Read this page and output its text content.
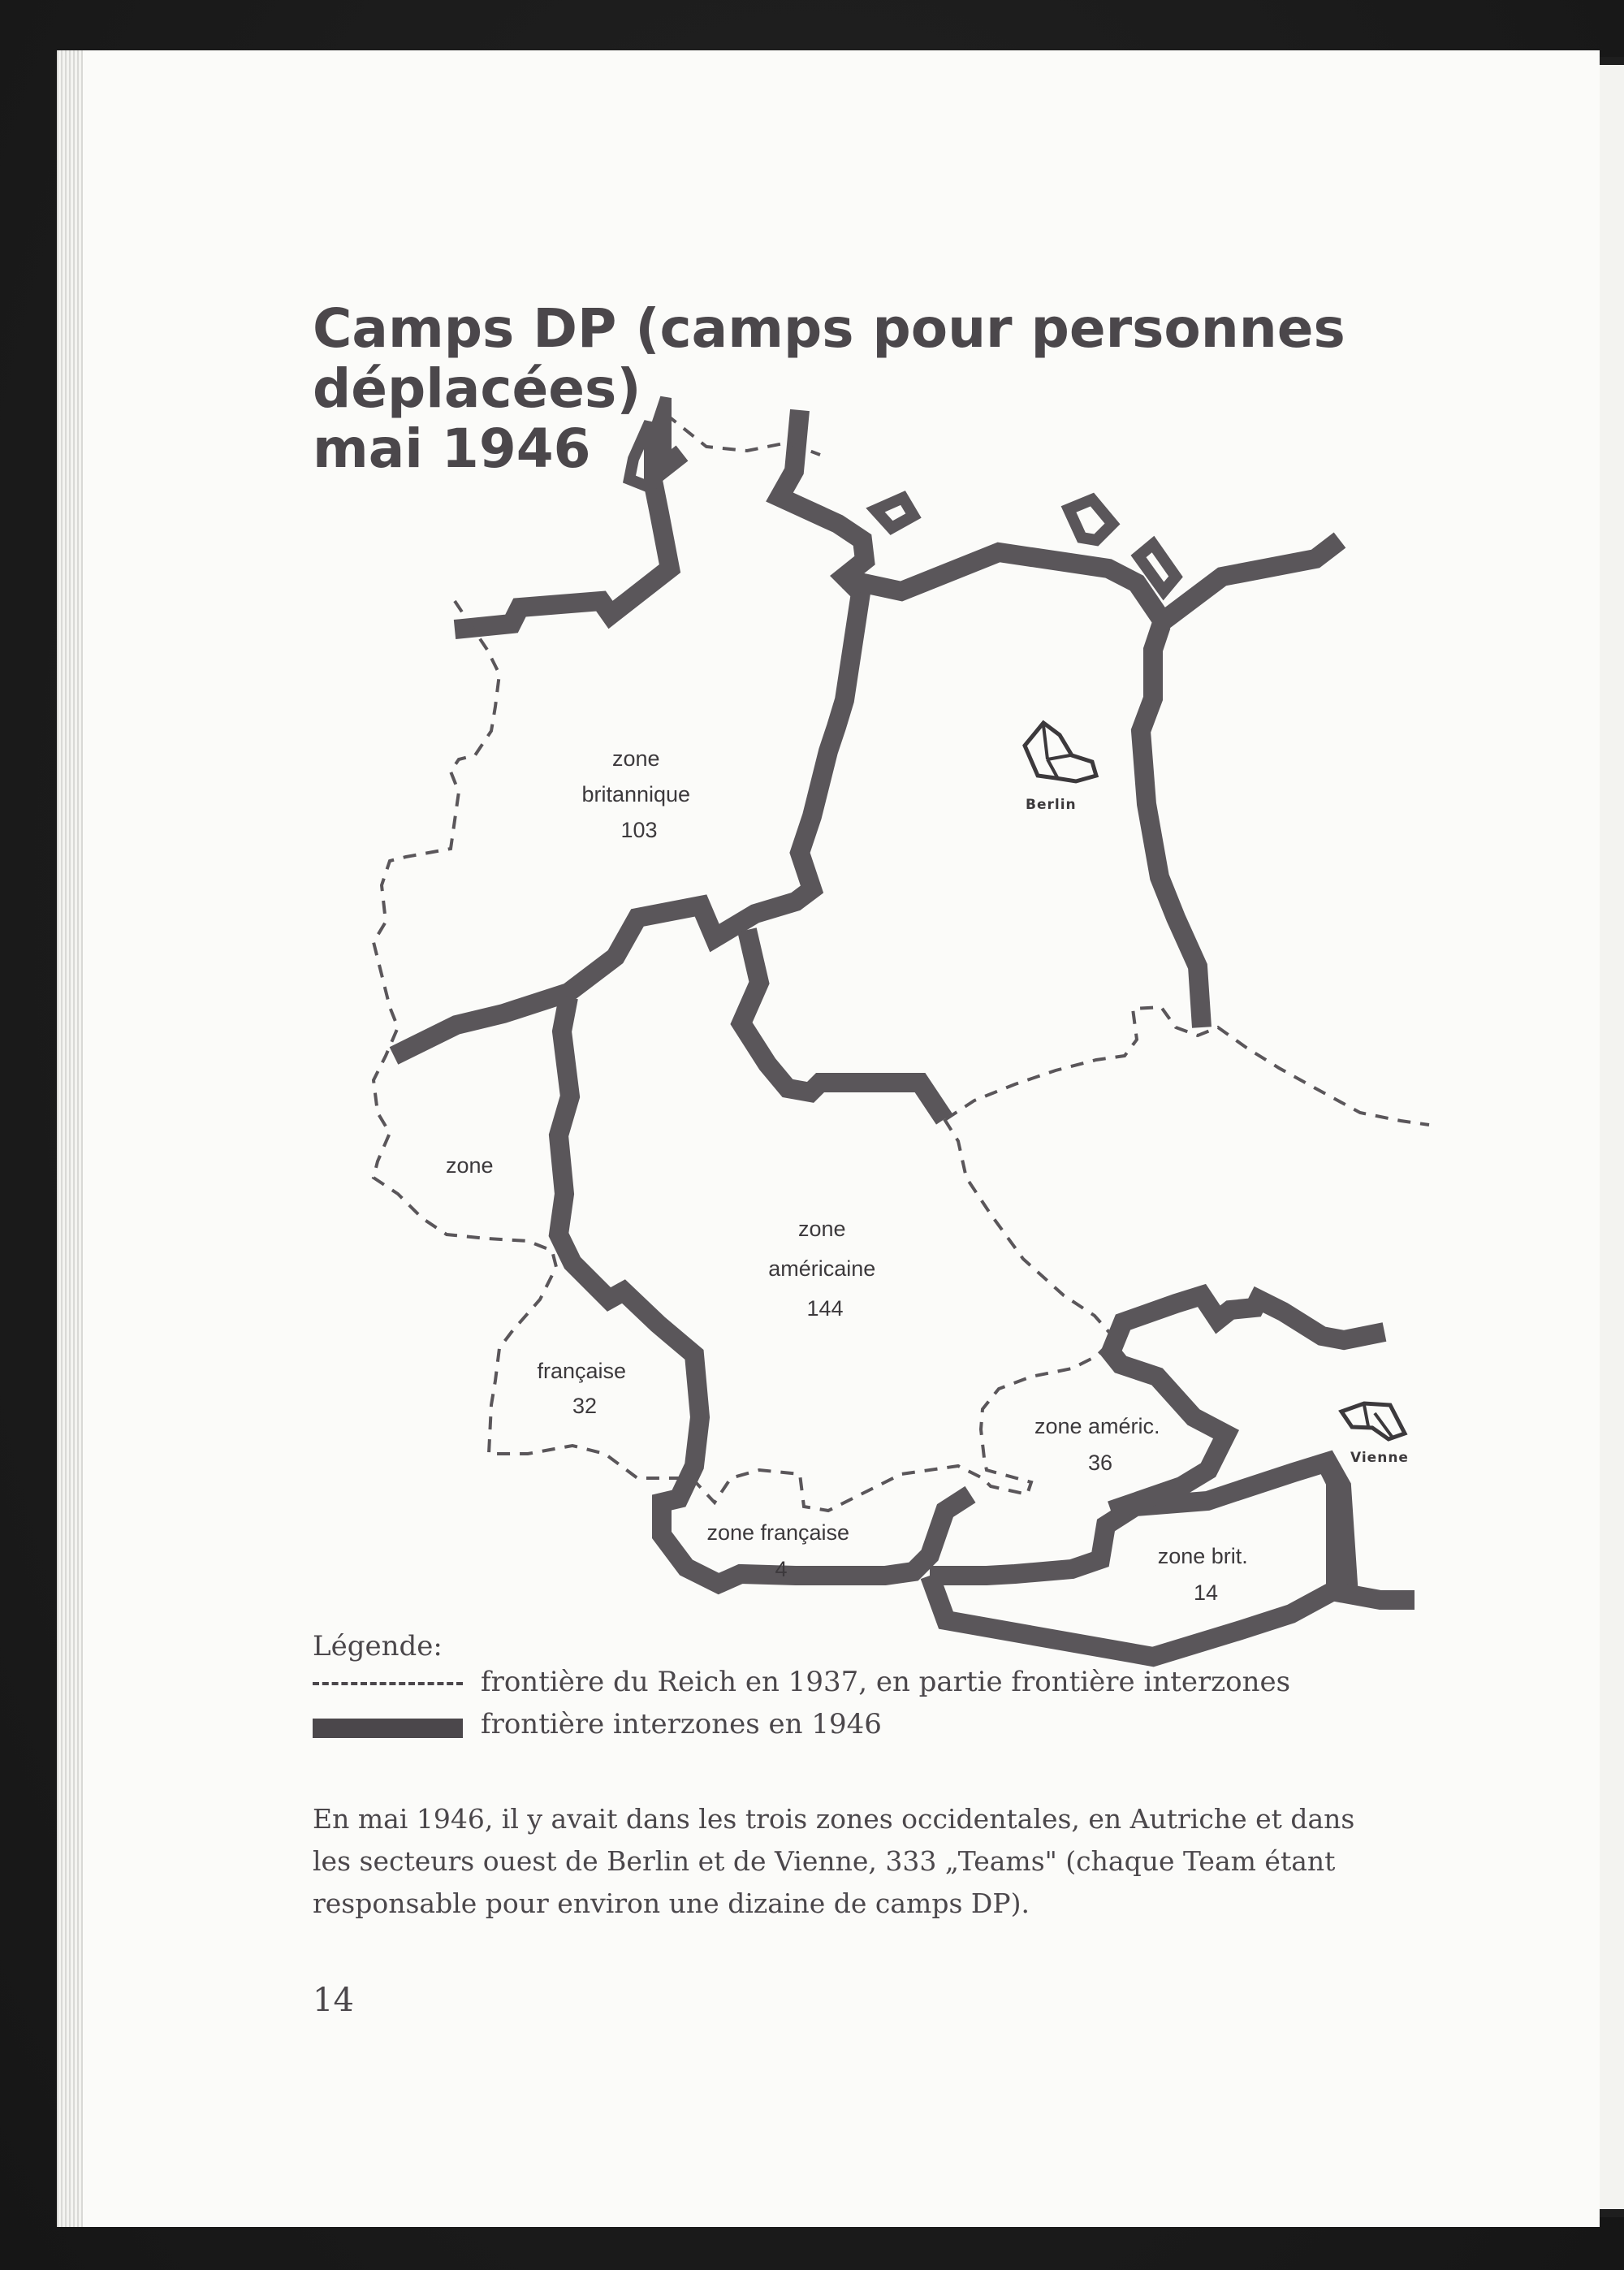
Camps DP (camps pour personnes
déplacées)
mai 1946
Berlin
Vienne
zone britannique 103
zone américaine 144
zone française 32
zone améric. 36
zone française 4
zone brit. 14

Légende:

frontière du Reich en 1937, en partie frontière interzones
frontière interzones en 1946

En mai 1946, il y avait dans les trois zones occidentales, en Autriche et dans les secteurs ouest de Berlin et de Vienne, 333 „Teams" (chaque Team étant responsable pour environ une dizaine de camps DP).

14
